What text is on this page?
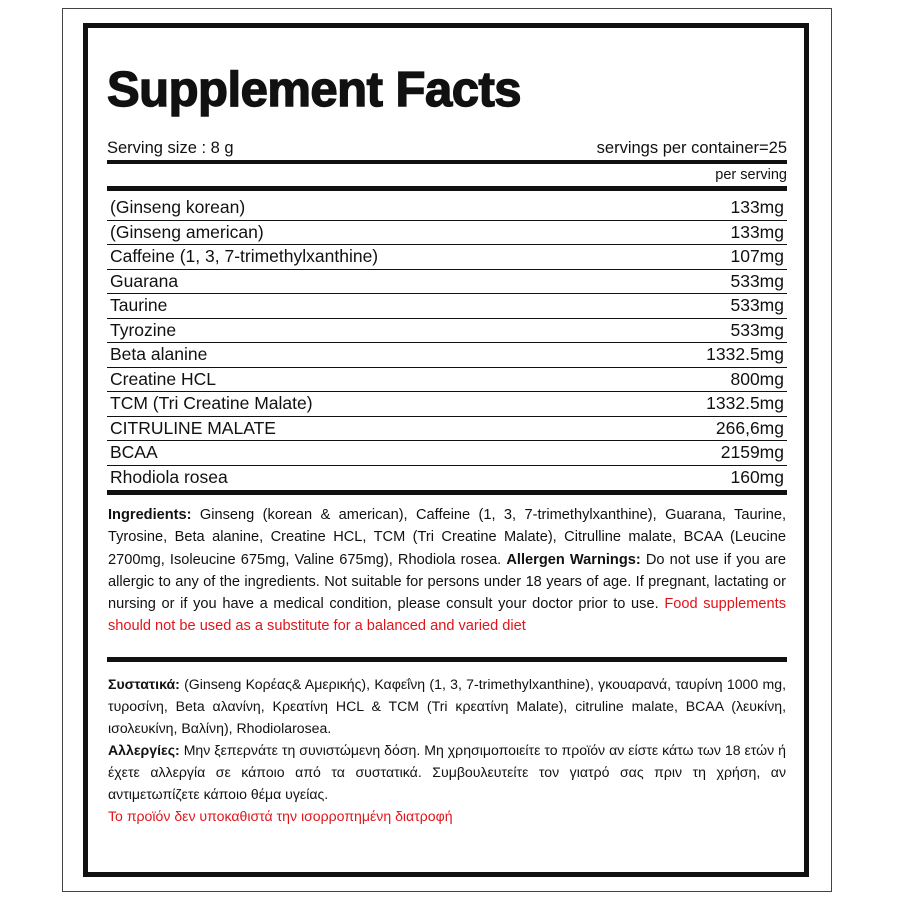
Supplement Facts
Serving size : 8 g	servings per container=25
per serving
(Ginseng korean)	133mg
(Ginseng american)	133mg
Caffeine (1, 3, 7-trimethylxanthine)	107mg
Guarana	533mg
Taurine	533mg
Tyrozine	533mg
Beta alanine	1332.5mg
Creatine HCL	800mg
TCM (Tri Creatine Malate)	1332.5mg
CITRULINE MALATE	266,6mg
BCAA	2159mg
Rhodiola rosea	160mg
Ingredients: Ginseng (korean & american), Caffeine (1, 3, 7-trimethylxanthine), Guarana, Taurine, Tyrosine, Beta alanine, Creatine HCL, TCM (Tri Creatine Malate), Citrulline malate, BCAA (Leucine 2700mg, Isoleucine 675mg, Valine 675mg), Rhodiola rosea. Allergen Warnings: Do not use if you are allergic to any of the ingredients. Not suitable for persons under 18 years of age. If pregnant, lactating or nursing or if you have a medical condition, please consult your doctor prior to use. Food supplements should not be used as a substitute for a balanced and varied diet
Συστατικά: (Ginseng Κορέας& Αμερικής), Καφεΐνη (1, 3, 7-trimethylxanthine), γκουαρανά, ταυρίνη 1000 mg, τυροσίνη, Beta αλανίνη, Κρεατίνη HCL & TCM (Tri κρεατίνη Malate), citruline malate, BCAA (λευκίνη, ισολευκίνη, Βαλίνη), Rhodiolarosea.
Αλλεργίες: Μην ξεπερνάτε τη συνιστώμενη δόση. Μη χρησιμοποιείτε το προϊόν αν είστε κάτω των 18 ετών ή έχετε αλλεργία σε κάποιο από τα συστατικά. Συμβουλευτείτε τον γιατρό σας πριν τη χρήση, αν αντιμετωπίζετε κάποιο θέμα υγείας.
Το προϊόν δεν υποκαθιστά την ισορροπημένη διατροφή
